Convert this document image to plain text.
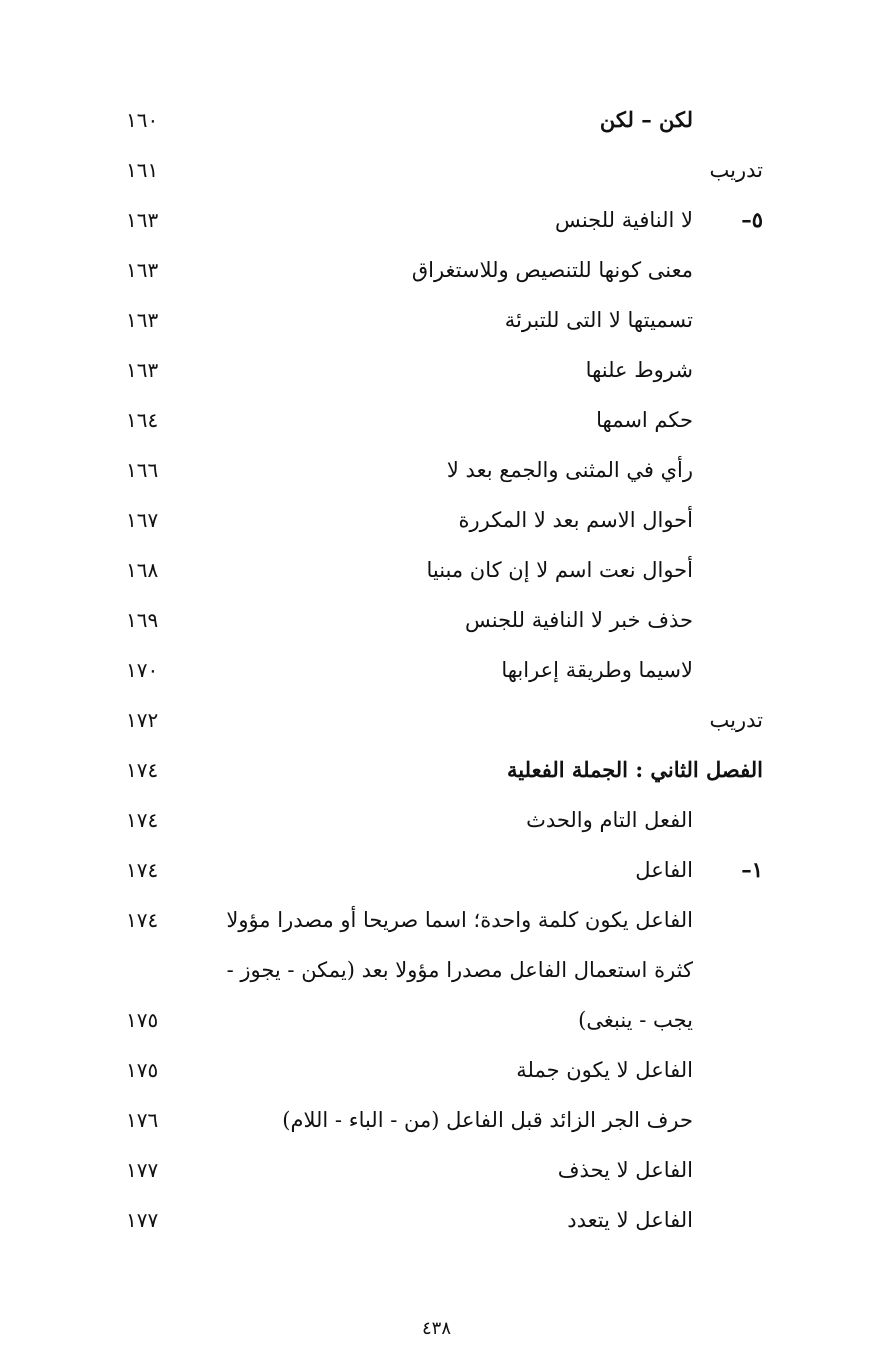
لكن – لكن
١٦٠
تدريب
١٦١
٥–
لا النافية للجنس
١٦٣
معنى كونها للتنصيص وللاستغراق
١٦٣
تسميتها لا التى للتبرئة
١٦٣
شروط علنها
١٦٣
حكم اسمها
١٦٤
رأي في المثنى والجمع بعد لا
١٦٦
أحوال الاسم بعد لا المكررة
١٦٧
أحوال نعت اسم لا إن كان مبنيا
١٦٨
حذف خبر لا النافية للجنس
١٦٩
لاسيما وطريقة إعرابها
١٧٠
تدريب
١٧٢
الفصل الثاني : الجملة الفعلية
١٧٤
الفعل التام والحدث
١٧٤
١–
الفاعل
١٧٤
الفاعل يكون كلمة واحدة؛ اسما صريحا أو مصدرا مؤولا
١٧٤
كثرة استعمال الفاعل مصدرا مؤولا بعد (يمكن - يجوز -
يجب - ينبغى)
١٧٥
الفاعل لا يكون جملة
١٧٥
حرف الجر الزائد قبل الفاعل (من - الباء - اللام)
١٧٦
الفاعل لا يحذف
١٧٧
الفاعل لا يتعدد
١٧٧
٤٣٨
